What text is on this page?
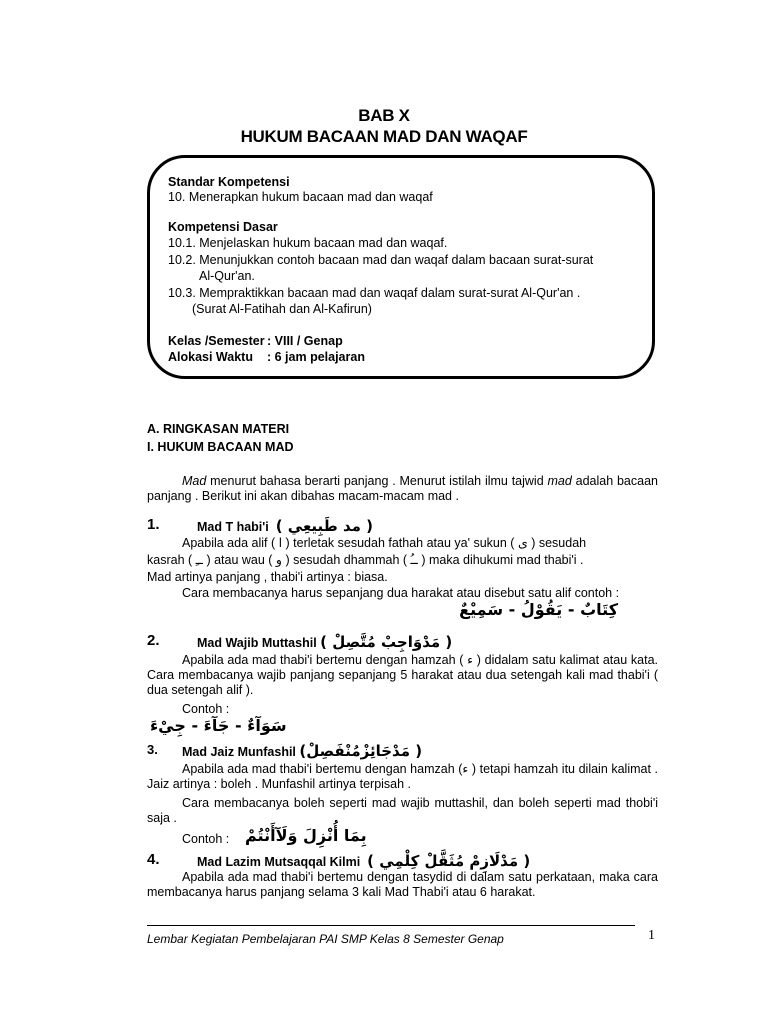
BAB X
HUKUM BACAAN MAD DAN WAQAF
Standar Kompetensi
10. Menerapkan hukum bacaan mad dan waqaf
Kompetensi Dasar
10.1. Menjelaskan hukum bacaan mad dan waqaf.
10.2. Menunjukkan contoh bacaan mad dan waqaf dalam bacaan surat-surat
Al-Qur'an.
10.3. Mempraktikkan bacaan mad dan waqaf dalam surat-surat Al-Qur'an .
(Surat Al-Fatihah dan Al-Kafirun)
Kelas /Semester : VIII / Genap
Alokasi Waktu : 6 jam pelajaran
A. RINGKASAN MATERI
I. HUKUM BACAAN MAD
Mad menurut bahasa berarti panjang . Menurut istilah ilmu tajwid mad adalah bacaan panjang . Berikut ini akan dibahas macam-macam mad .
1.	Mad T habi'i ( مد طَبِيعِي )
Apabila ada alif ( ا ) terletak sesudah fathah atau ya' sukun ( ى ) sesudah
kasrah ( ــِ ) atau wau ( و ) sesudah dhammah ( ــُ ) maka dihukumi mad thabi'i .
Mad artinya panjang , thabi'i artinya : biasa.
Cara membacanya harus sepanjang dua harakat atau disebut satu alif contoh :
كِتَابٌ - يَقُوْلُ - سَمِيْعٌ
2.	Mad Wajib Muttashil ( مَدْوَاجِبْ مُتَّصِلْ )
Apabila ada mad thabi'i bertemu dengan hamzah ( ء ) didalam satu kalimat atau kata. Cara membacanya wajib panjang sepanjang 5 harakat atau dua setengah kali mad thabi'i ( dua setengah alif ).
Contoh :
سَوَآءٌ - جَآءَ - جِيْءَ
3. Mad Jaiz Munfashil ( مَدْجَائِزْمُنْفَصِلْ)
Apabila ada mad thabi'i bertemu dengan hamzah (ء ) tetapi hamzah itu dilain kalimat . Jaiz artinya : boleh . Munfashil artinya terpisah .
Cara membacanya boleh seperti mad wajib muttashil, dan boleh seperti mad thobi'i saja .
Contoh : بِمَا أُنْزِلَ وَلَآأَنْتُمْ
4.	Mad Lazim Mutsaqqal Kilmi ( مَدْلَازِمْ مُثَقَّلْ كِلْمِي )
Apabila ada mad thabi'i bertemu dengan tasydid di dalam satu perkataan, maka cara membacanya harus panjang selama 3 kali Mad Thabi'i atau 6 harakat.
Lembar Kegiatan Pembelajaran PAI SMP Kelas 8 Semester Genap	1
